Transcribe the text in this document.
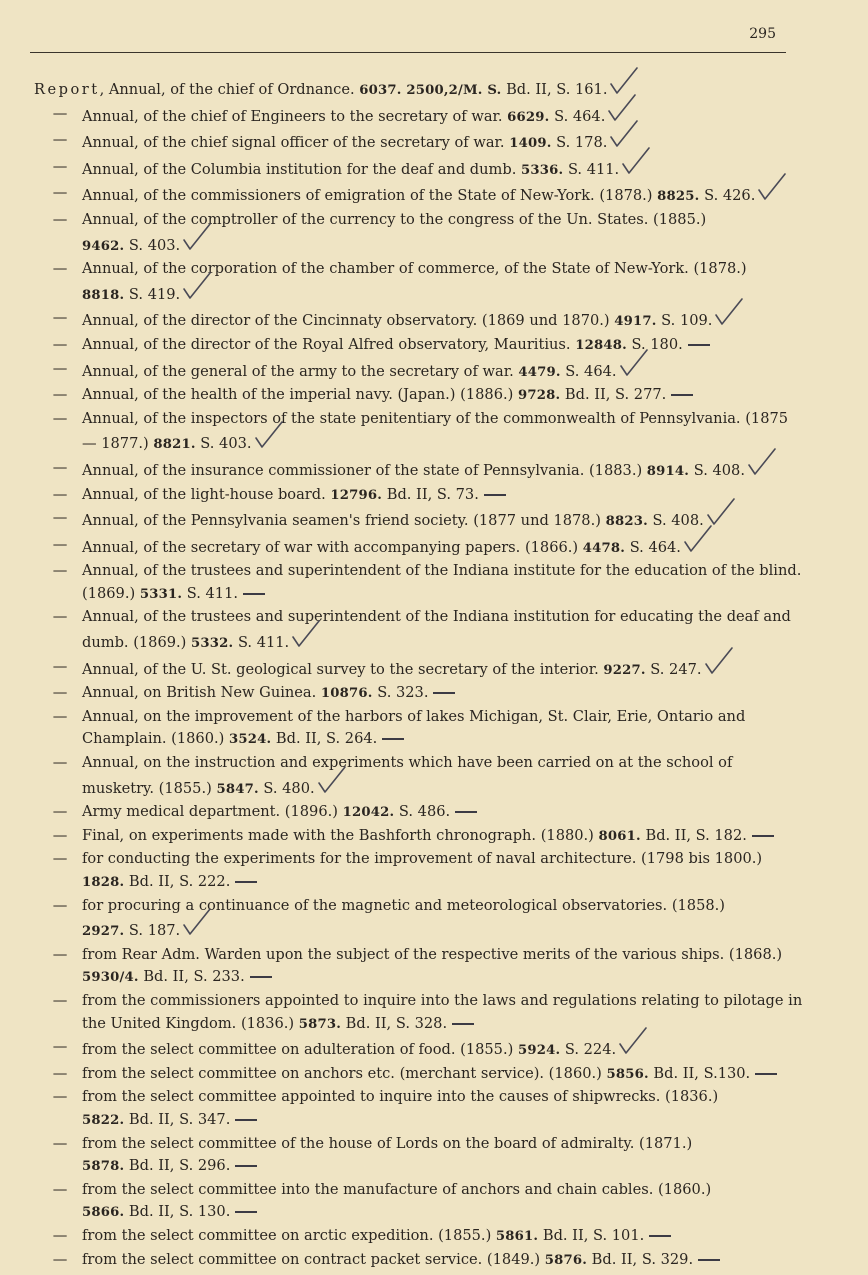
295
Report, Annual, of the chief of Ordnance. 6037. 2500,2/M. S. Bd. II, S. 161.
— Annual, of the chief of Engineers to the secretary of war. 6629. S. 464.
— Annual, of the chief signal officer of the secretary of war. 1409. S. 178.
— Annual, of the Columbia institution for the deaf and dumb. 5336. S. 411.
— Annual, of the commissioners of emigration of the State of New-York. (1878.) 8825. S. 426.
— Annual, of the comptroller of the currency to the congress of the Un. States. (1885.) 9462. S. 403.
— Annual, of the corporation of the chamber of commerce, of the State of New-York. (1878.) 8818. S. 419.
— Annual, of the director of the Cincinnaty observatory. (1869 und 1870.) 4917. S. 109.
— Annual, of the director of the Royal Alfred observatory, Mauritius. 12848. S. 180.
— Annual, of the general of the army to the secretary of war. 4479. S. 464.
— Annual, of the health of the imperial navy. (Japan.) (1886.) 9728. Bd. II, S. 277.
— Annual, of the inspectors of the state penitentiary of the commonwealth of Pennsylvania. (1875 — 1877.) 8821. S. 403.
— Annual, of the insurance commissioner of the state of Pennsylvania. (1883.) 8914. S. 408.
— Annual, of the light-house board. 12796. Bd. II, S. 73.
— Annual, of the Pennsylvania seamen's friend society. (1877 und 1878.) 8823. S. 408.
— Annual, of the secretary of war with accompanying papers. (1866.) 4478. S. 464.
— Annual, of the trustees and superintendent of the Indiana institute for the education of the blind. (1869.) 5331. S. 411.
— Annual, of the trustees and superintendent of the Indiana institution for educating the deaf and dumb. (1869.) 5332. S. 411.
— Annual, of the U. St. geological survey to the secretary of the interior. 9227. S. 247.
— Annual, on British New Guinea. 10876. S. 323.
— Annual, on the improvement of the harbors of lakes Michigan, St. Clair, Erie, Ontario and Champlain. (1860.) 3524. Bd. II, S. 264.
— Annual, on the instruction and experiments which have been carried on at the school of musketry. (1855.) 5847. S. 480.
— Army medical department. (1896.) 12042. S. 486.
— Final, on experiments made with the Bashforth chronograph. (1880.) 8061. Bd. II, S. 182.
— for conducting the experiments for the improvement of naval architecture. (1798 bis 1800.) 1828. Bd. II, S. 222.
— for procuring a continuance of the magnetic and meteorological observatories. (1858.) 2927. S. 187.
— from Rear Adm. Warden upon the subject of the respective merits of the various ships. (1868.) 5930/4. Bd. II, S. 233.
— from the commissioners appointed to inquire into the laws and regulations relating to pilotage in the United Kingdom. (1836.) 5873. Bd. II, S. 328.
— from the select committee on adulteration of food. (1855.) 5924. S. 224.
— from the select committee on anchors etc. (merchant service). (1860.) 5856. Bd. II, S.130.
— from the select committee appointed to inquire into the causes of shipwrecks. (1836.) 5822. Bd. II, S. 347.
— from the select committee of the house of Lords on the board of admiralty. (1871.) 5878. Bd. II, S. 296.
— from the select committee into the manufacture of anchors and chain cables. (1860.) 5866. Bd. II, S. 130.
— from the select committee on arctic expedition. (1855.) 5861. Bd. II, S. 101.
— from the select committee on contract packet service. (1849.) 5876. Bd. II, S. 329.
